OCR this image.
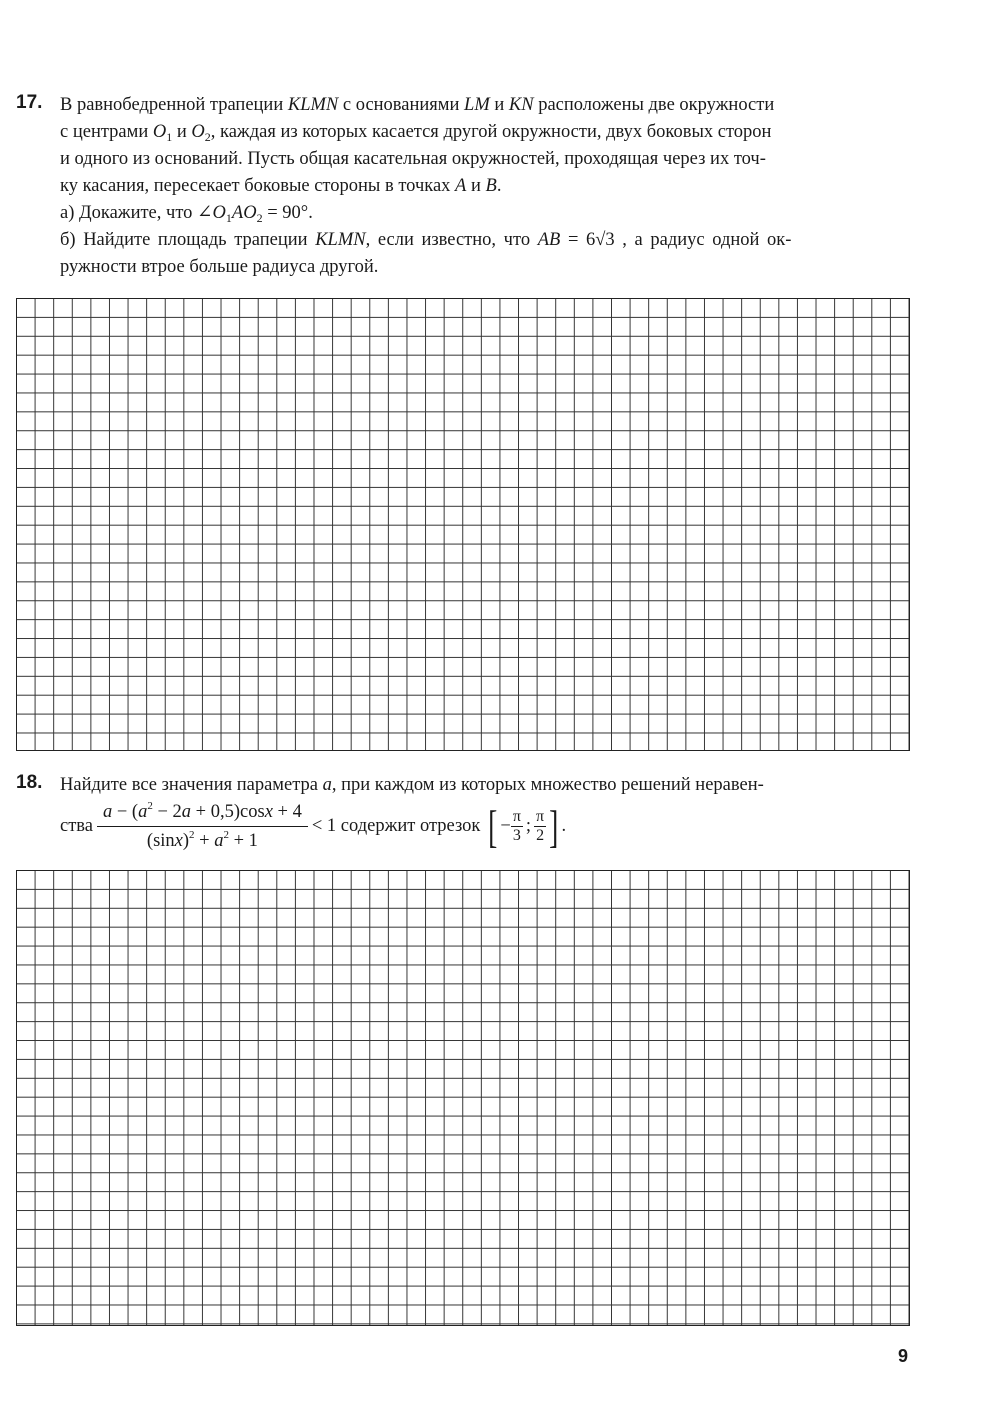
17. В равнобедренной трапеции KLMN с основаниями LM и KN расположены две окружности
с центрами $O_1$ и $O_2$, каждая из которых касается другой окружности, двух боковых сторон
и одного из оснований. Пусть общая касательная окружностей, проходящая через их точ-
ку касания, пересекает боковые стороны в точках A и B.
а) Докажите, что $\angle O_1AO_2 = 90^\circ$.
б) Найдите площадь трапеции KLMN, если известно, что AB = 6√3 , а радиус одной ок-
ружности втрое больше радиуса другой.
18. Найдите все значения параметра a, при каждом из которых множество решений неравен-
ства $\frac{a - (a^2 - 2a + 0,5)\cos x + 4}{(\sin x)^2 + a^2 + 1} < 1$ содержит отрезок [ − $\frac{\pi}{3}$ ; $\frac{\pi}{2}$ ] .
9
